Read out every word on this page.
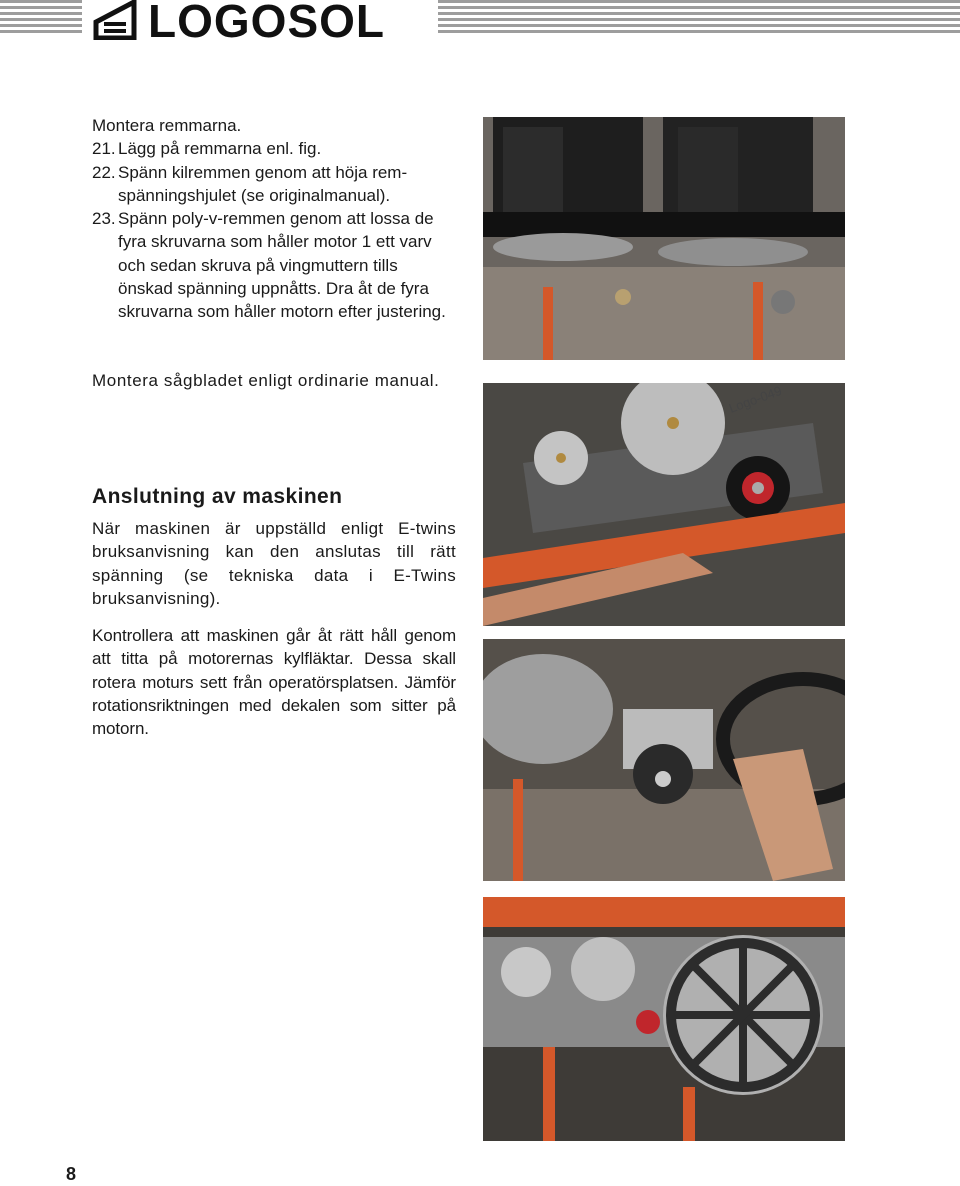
LOGOSOL

Montera remmarna.

21. Lägg på remmarna enl. fig.
22. Spänn kilremmen genom att höja rem-spänningshjulet (se originalmanual).
23. Spänn poly-v-remmen genom att lossa de fyra skruvarna som håller motor 1 ett varv och sedan skruva på vingmuttern tills önskad spänning uppnåtts. Dra åt de fyra skruvarna som håller motorn efter justering.

Montera sågbladet enligt ordinarie manual.

Anslutning av maskinen

När maskinen är uppställd enligt E-twins bruksanvisning kan den anslutas till rätt spänning (se tekniska data i E-Twins bruksanvisning).

Kontrollera att maskinen går åt rätt håll genom att titta på motorernas kylfläktar. Dessa skall rotera moturs sett från operatörsplatsen. Jämför rotationsriktningen med dekalen som sitter på motorn.

Logo-049
8
